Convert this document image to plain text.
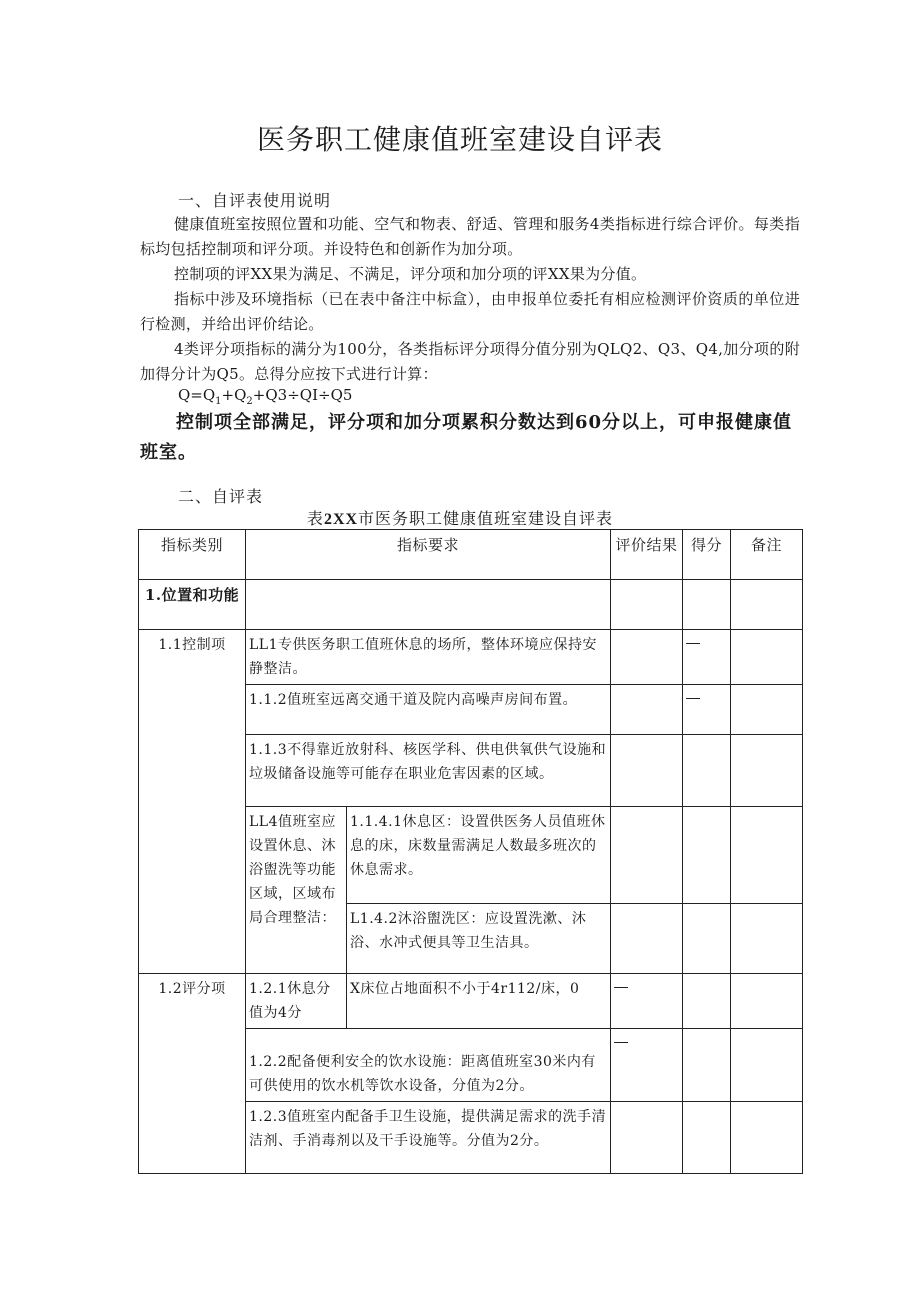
医务职工健康值班室建设自评表
一、自评表使用说明
健康值班室按照位置和功能、空气和物表、舒适、管理和服务4类指标进行综合评价。每类指标均包括控制项和评分项。并设特色和创新作为加分项。
控制项的评XX果为满足、不满足，评分项和加分项的评XX果为分值。
指标中涉及环境指标（已在表中备注中标盒），由申报单位委托有相应检测评价资质的单位进行检测，并给出评价结论。
4类评分项指标的满分为100分，各类指标评分项得分值分别为QLQ2、Q3、Q4,加分项的附加得分计为Q5。总得分应按下式进行计算：
$Q=Q_1+Q_2+Q3\div QI\div Q5$
控制项全部满足，评分项和加分项累积分数达到60分以上，可申报健康值班室。
二、自评表
表2XX市医务职工健康值班室建设自评表
指标类别	指标要求		评价结果	得分	备注
1.位置和功能					
1.1控制项	LL1专供医务职工值班休息的场所，整体环境应保持安静整洁。			

	1.1.2值班室远离交通干道及院内高噪声房间布置。			

	1.1.3不得靠近放射科、核医学科、供电供氧供气设施和垃圾储备设施等可能存在职业危害因素的区域。				
	LL4值班室应设置休息、沐浴盥洗等功能区域，区域布局合理整洁：	1.1.4.1休息区：设置供医务人员值班休息的床，床数量需满足人数最多班次的休息需求。			
		L1.4.2沐浴盥洗区：应设置洗漱、沐浴、水冲式便具等卫生洁具。			
1.2评分项	1.2.1休息分值为4分	X床位占地面积不小于4r112/床，0	

	1.2.2配备便利安全的饮水设施：距离值班室30米内有可供使用的饮水机等饮水设备，分值为2分。		

	1.2.3值班室内配备手卫生设施，提供满足需求的洗手清洁剂、手消毒剂以及干手设施等。分值为2分。				
